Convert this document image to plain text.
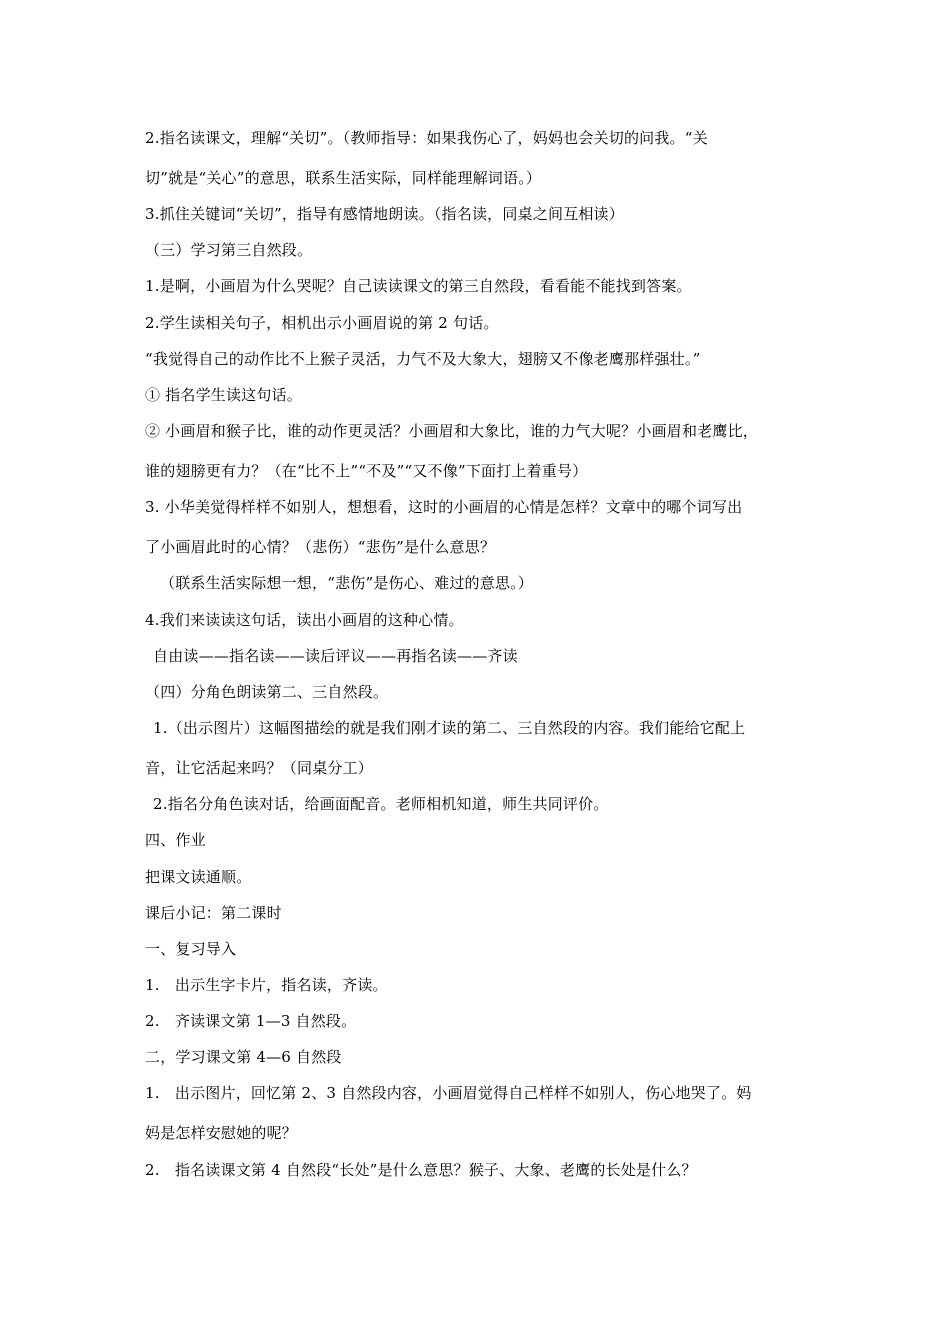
2.指名读课文，理解“关切”。（教师指导：如果我伤心了，妈妈也会关切的问我。“关
切”就是“关心”的意思，联系生活实际，同样能理解词语。）
3.抓住关键词“关切”，指导有感情地朗读。（指名读，同桌之间互相读）
（三）学习第三自然段。
1.是啊，小画眉为什么哭呢？自己读读课文的第三自然段，看看能不能找到答案。
2.学生读相关句子，相机出示小画眉说的第 2 句话。
“我觉得自己的动作比不上猴子灵活，力气不及大象大，翅膀又不像老鹰那样强壮。”
① 指名学生读这句话。
② 小画眉和猴子比，谁的动作更灵活？小画眉和大象比，谁的力气大呢？小画眉和老鹰比，
谁的翅膀更有力？（在“比不上”“不及”“又不像”下面打上着重号）
3. 小华美觉得样样不如别人，想想看，这时的小画眉的心情是怎样？文章中的哪个词写出
了小画眉此时的心情？（悲伤）“悲伤”是什么意思？
（联系生活实际想一想，“悲伤”是伤心、难过的意思。）
4.我们来读读这句话，读出小画眉的这种心情。
自由读——指名读——读后评议——再指名读——齐读
（四）分角色朗读第二、三自然段。
1.（出示图片）这幅图描绘的就是我们刚才读的第二、三自然段的内容。我们能给它配上
音，让它活起来吗？（同桌分工）
2.指名分角色读对话，给画面配音。老师相机知道，师生共同评价。
四、作业
把课文读通顺。
课后小记：第二课时
一、复习导入
1.　出示生字卡片，指名读，齐读。
2.　齐读课文第 1—3 自然段。
二，学习课文第 4—6 自然段
1.　出示图片，回忆第 2、3 自然段内容，小画眉觉得自己样样不如别人，伤心地哭了。妈
妈是怎样安慰她的呢？
2.　指名读课文第 4 自然段“长处”是什么意思？猴子、大象、老鹰的长处是什么？
